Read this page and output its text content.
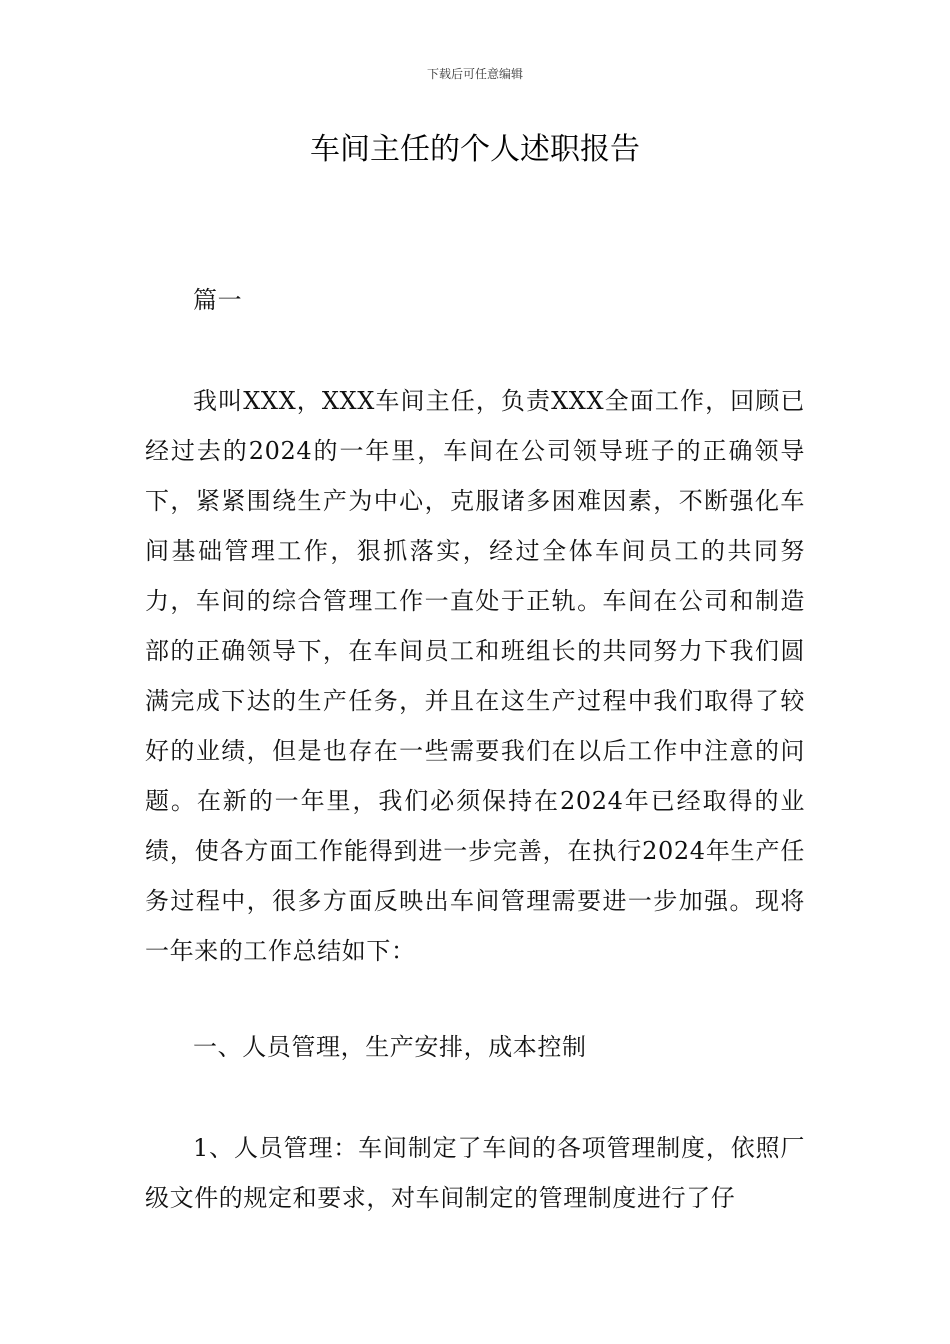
下载后可任意编辑
车间主任的个人述职报告

篇一

我叫XXX，XXX车间主任，负责XXX全面工作，回顾已经过去的2024的一年里，车间在公司领导班子的正确领导下，紧紧围绕生产为中心，克服诸多困难因素，不断强化车间基础管理工作，狠抓落实，经过全体车间员工的共同努力，车间的综合管理工作一直处于正轨。车间在公司和制造部的正确领导下，在车间员工和班组长的共同努力下我们圆满完成下达的生产任务，并且在这生产过程中我们取得了较好的业绩，但是也存在一些需要我们在以后工作中注意的问题。在新的一年里，我们必须保持在2024年已经取得的业绩，使各方面工作能得到进一步完善，在执行2024年生产任务过程中，很多方面反映出车间管理需要进一步加强。现将一年来的工作总结如下：

一、人员管理，生产安排，成本控制

1、人员管理：车间制定了车间的各项管理制度，依照厂级文件的规定和要求，对车间制定的管理制度进行了仔
